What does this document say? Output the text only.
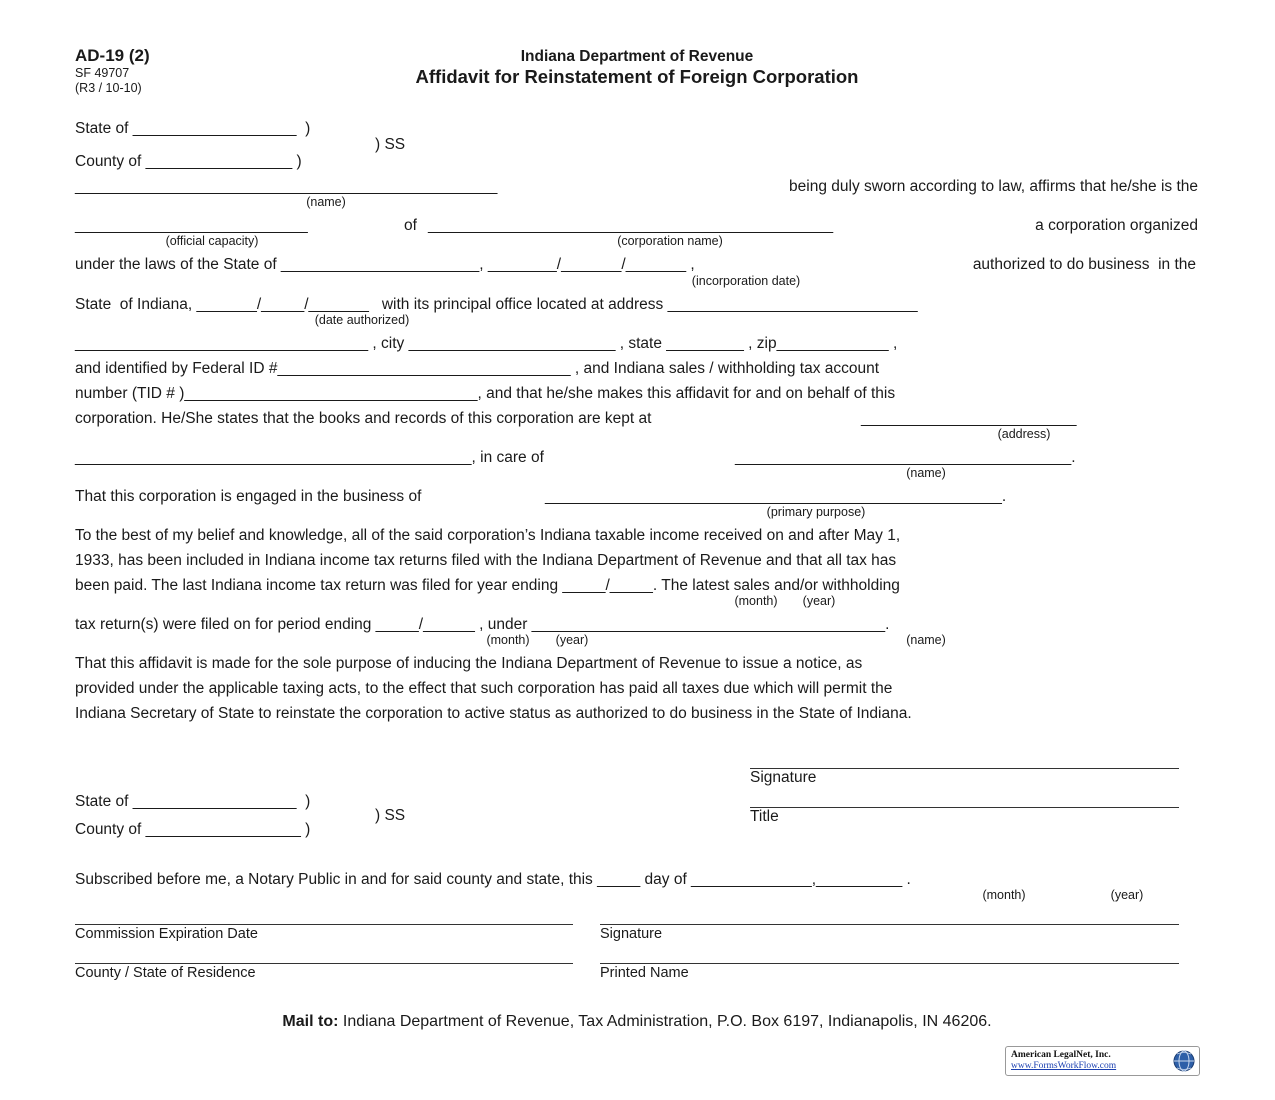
AD-19 (2)
SF 49707
(R3 / 10-10)
Indiana Department of Revenue
Affidavit for Reinstatement of Foreign Corporation
State of ___________________  )
) SS
County of _________________ )
_________________________________________________	being duly sworn according to law, affirms that he/she is the
(name)
___________________________	of _______________________________________________	a corporation organized
(official capacity)	(corporation name)
under the laws of the State of _______________________, ________/_______/_______ ,	authorized to do business  in the
(incorporation date)
State  of Indiana, _______/_____/_______   with its principal office located at address _____________________________
(date authorized)
__________________________________ , city ________________________ , state _________ , zip_____________ ,
and identified by Federal ID #__________________________________ , and Indiana sales / withholding tax account
number (TID # )__________________________________, and that he/she makes this affidavit for and on behalf of this
corporation. He/She states that the books and records of this corporation are kept at	_________________________
(address)
______________________________________________, in care of	_______________________________________.
(name)
That this corporation is engaged in the business of	_____________________________________________________.
(primary purpose)
To the best of my belief and knowledge, all of the said corporation’s Indiana taxable income received on and after May 1,
1933, has been included in Indiana income tax returns filed with the Indiana Department of Revenue and that all tax has
been paid. The last Indiana income tax return was filed for year ending _____/_____. The latest sales and/or withholding
(month) (year)
tax return(s) were filed on for period ending _____/______ , under _________________________________________.
(month) (year)	(name)
That this affidavit is made for the sole purpose of inducing the Indiana Department of Revenue to issue a notice, as
provided under the applicable taxing acts, to the effect that such corporation has paid all taxes due which will permit the
Indiana Secretary of State to reinstate the corporation to active status as authorized to do business in the State of Indiana.
Signature
Title
State of ___________________  )
) SS
County of __________________ )
Subscribed before me, a Notary Public in and for said county and state, this _____ day of ______________,__________ .
(month)	(year)
Commission Expiration Date	Signature
County / State of Residence	Printed Name
Mail to: Indiana Department of Revenue, Tax Administration, P.O. Box 6197, Indianapolis, IN 46206.
American LegalNet, Inc.
www.FormsWorkFlow.com
